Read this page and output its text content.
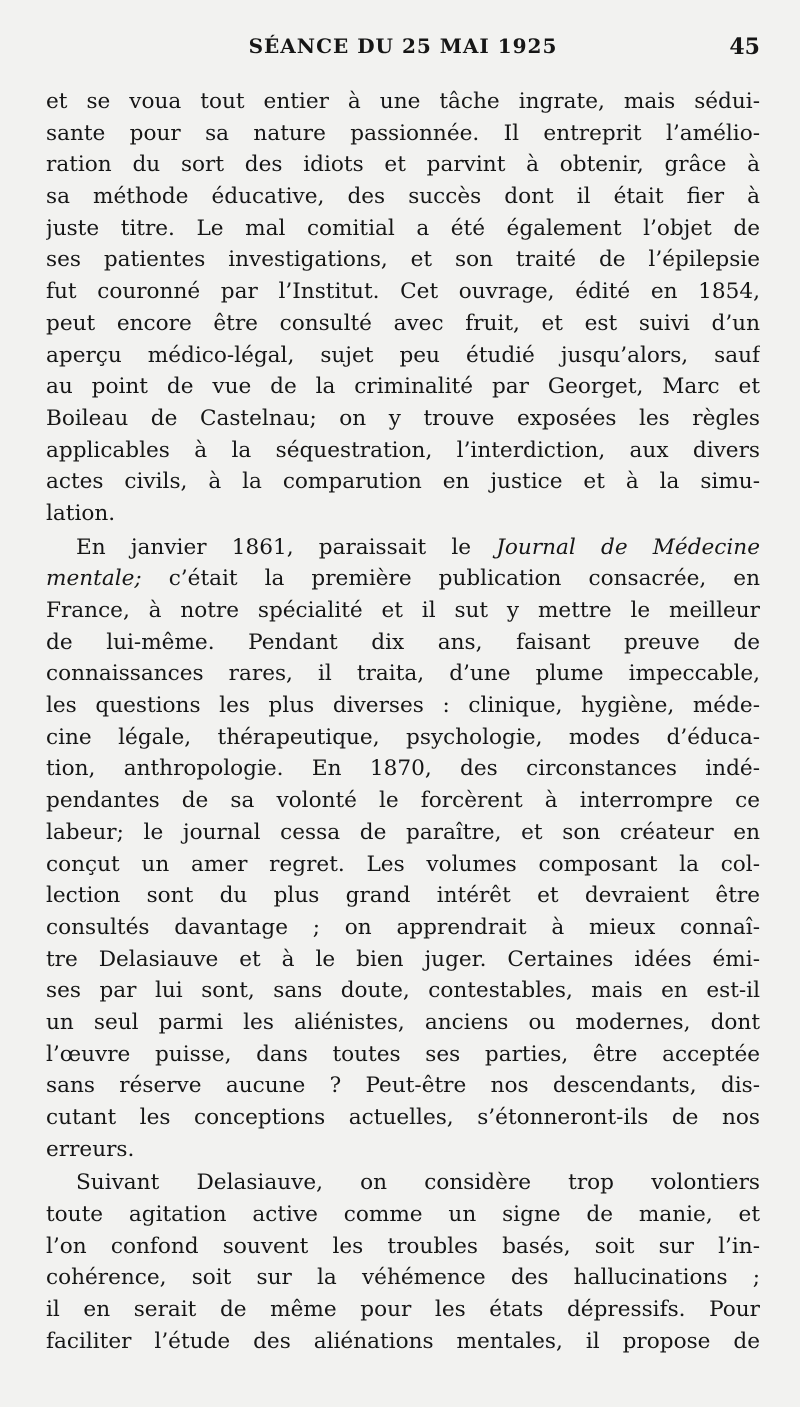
SÉANCE DU 25 MAI 1925	45
et se voua tout entier à une tâche ingrate, mais sédui-
sante pour sa nature passionnée. Il entreprit l’amélio-
ration du sort des idiots et parvint à obtenir, grâce à
sa méthode éducative, des succès dont il était fier à
juste titre. Le mal comitial a été également l’objet de
ses patientes investigations, et son traité de l’épilepsie
fut couronné par l’Institut. Cet ouvrage, édité en 1854,
peut encore être consulté avec fruit, et est suivi d’un
aperçu médico-légal, sujet peu étudié jusqu’alors, sauf
au point de vue de la criminalité par Georget, Marc et
Boileau de Castelnau; on y trouve exposées les règles
applicables à la séquestration, l’interdiction, aux divers
actes civils, à la comparution en justice et à la simu-
lation.
En janvier 1861, paraissait le Journal de Médecine
mentale; c’était la première publication consacrée, en
France, à notre spécialité et il sut y mettre le meilleur
de lui-même. Pendant dix ans, faisant preuve de
connaissances rares, il traita, d’une plume impeccable,
les questions les plus diverses : clinique, hygiène, méde-
cine légale, thérapeutique, psychologie, modes d’éduca-
tion, anthropologie. En 1870, des circonstances indé-
pendantes de sa volonté le forcèrent à interrompre ce
labeur; le journal cessa de paraître, et son créateur en
conçut un amer regret. Les volumes composant la col-
lection sont du plus grand intérêt et devraient être
consultés davantage ; on apprendrait à mieux connaî-
tre Delasiauve et à le bien juger. Certaines idées émi-
ses par lui sont, sans doute, contestables, mais en est-il
un seul parmi les aliénistes, anciens ou modernes, dont
l’œuvre puisse, dans toutes ses parties, être acceptée
sans réserve aucune ? Peut-être nos descendants, dis-
cutant les conceptions actuelles, s’étonneront-ils de nos
erreurs.
Suivant Delasiauve, on considère trop volontiers
toute agitation active comme un signe de manie, et
l’on confond souvent les troubles basés, soit sur l’in-
cohérence, soit sur la véhémence des hallucinations ;
il en serait de même pour les états dépressifs. Pour
faciliter l’étude des aliénations mentales, il propose de
